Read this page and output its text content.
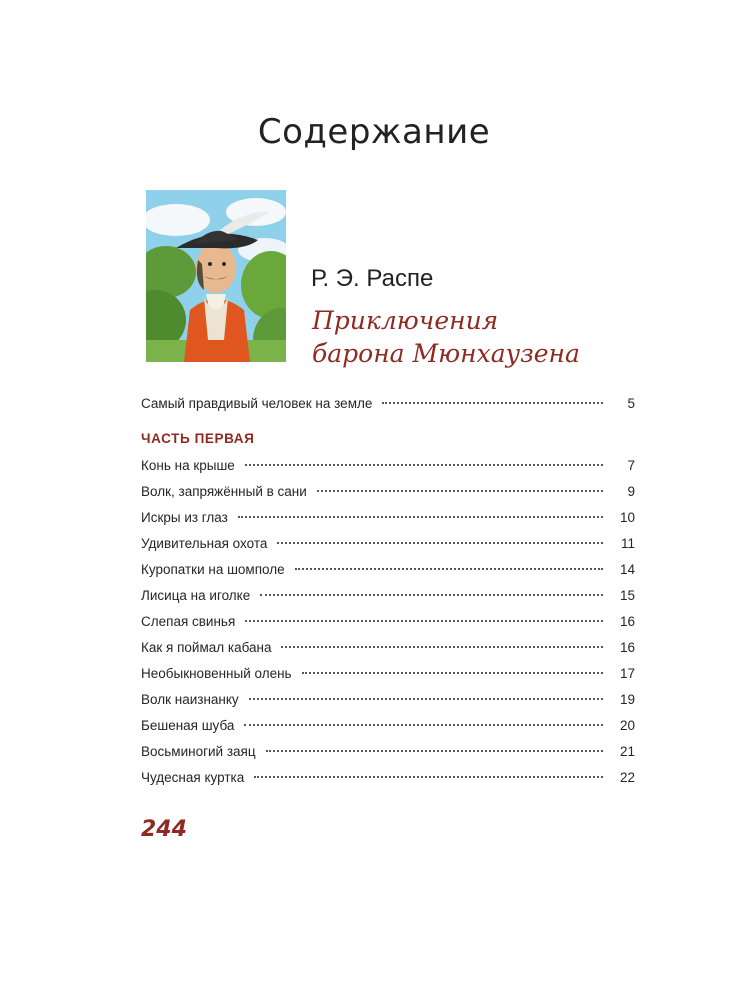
Содержание
Р. Э. Распе
Приключения
барона Мюнхаузена
Самый правдивый человек на земле	5
ЧАСТЬ ПЕРВАЯ
Конь на крыше	7
Волк, запряжённый в сани	9
Искры из глаз	10
Удивительная охота	11
Куропатки на шомполе	14
Лисица на иголке	15
Слепая свинья	16
Как я поймал кабана	16
Необыкновенный олень	17
Волк наизнанку	19
Бешеная шуба	20
Восьминогий заяц	21
Чудесная куртка	22
244
